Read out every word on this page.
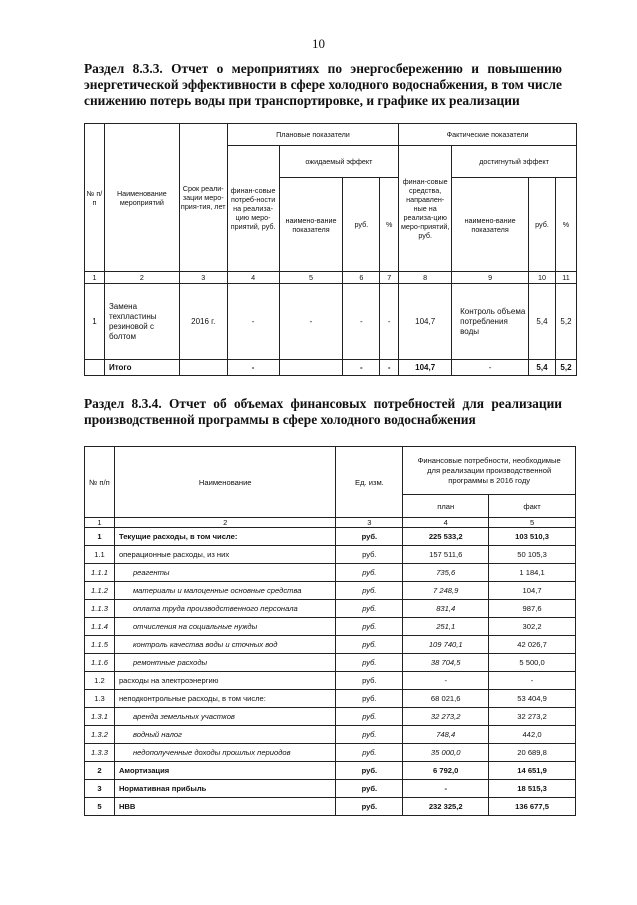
10
Раздел 8.3.3. Отчет о мероприятиях по энергосбережению и повышению энергетической эффективности в сфере холодного водоснабжения, в том числе снижению потерь воды при транспортировке, и графике их реализации
№ п/п	Наименование мероприятий	Срок реали-зации меро-прия-тия, лет	Плановые показатели				Фактические показатели			
			финан-совые потреб-ности на реализа-цию меро-приятий, руб.	ожидаемый эффект			финан-совые средства, направлен-ные на реализа-цию меро-приятий, руб.	достигнутый эффект		
				наимено-вание показателя	руб.	%		наимено-вание показателя	руб.	%
1	2	3	4	5	6	7	8	9	10	11
1	Замена техпластины резиновой с болтом	2016 г.	-	-	-	-	104,7	Контроль объема потребления воды	5,4	5,2
	Итого		-		-	-	104,7	-	5,4	5,2
Раздел 8.3.4. Отчет об объемах финансовых потребностей для реализации производственной программы в сфере холодного водоснабжения
№ п/п	Наименование	Ед. изм.	Финансовые потребности, необходимые для реализации производственной программы в 2016 году	
			план	факт
1	2	3	4	5
1	Текущие расходы, в том числе:	руб.	225 533,2	103 510,3
1.1	операционные расходы, из них	руб.	157 511,6	50 105,3
1.1.1	реагенты	руб.	735,6	1 184,1
1.1.2	материалы и малоценные основные средства	руб.	7 248,9	104,7
1.1.3	оплата труда производственного персонала	руб.	831,4	987,6
1.1.4	отчисления на социальные нужды	руб.	251,1	302,2
1.1.5	контроль качества воды и сточных вод	руб.	109 740,1	42 026,7
1.1.6	ремонтные расходы	руб.	38 704,5	5 500,0
1.2	расходы на электроэнергию	руб.	-	-
1.3	неподконтрольные расходы, в том числе:	руб.	68 021,6	53 404,9
1.3.1	аренда земельных участков	руб.	32 273,2	32 273,2
1.3.2	водный налог	руб.	748,4	442,0
1.3.3	недополученные доходы прошлых периодов	руб.	35 000,0	20 689,8
2	Амортизация	руб.	6 792,0	14 651,9
3	Нормативная прибыль	руб.	-	18 515,3
5	НВВ	руб.	232 325,2	136 677,5
